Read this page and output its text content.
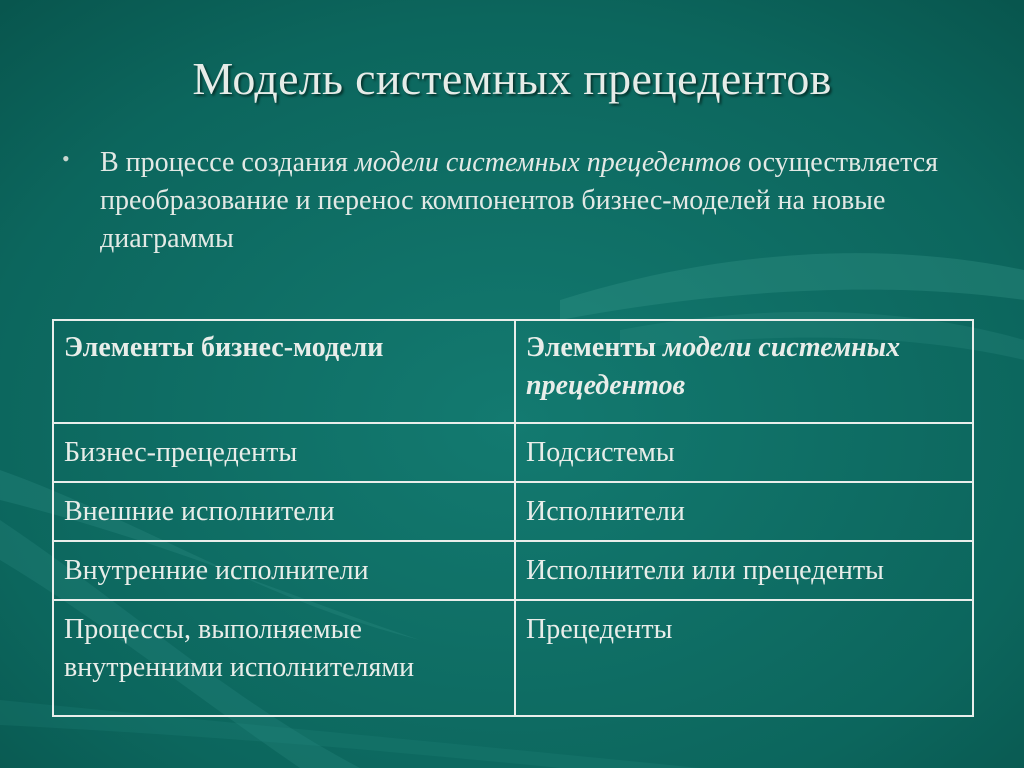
Модель системных прецедентов
• В процессе создания модели системных прецедентов осуществляется преобразование и перенос компонентов бизнес-моделей на новые диаграммы
Элементы бизнес-модели	Элементы модели системных прецедентов
Бизнес-прецеденты	Подсистемы
Внешние исполнители	Исполнители
Внутренние исполнители	Исполнители или прецеденты
Процессы, выполняемые внутренними исполнителями	Прецеденты
